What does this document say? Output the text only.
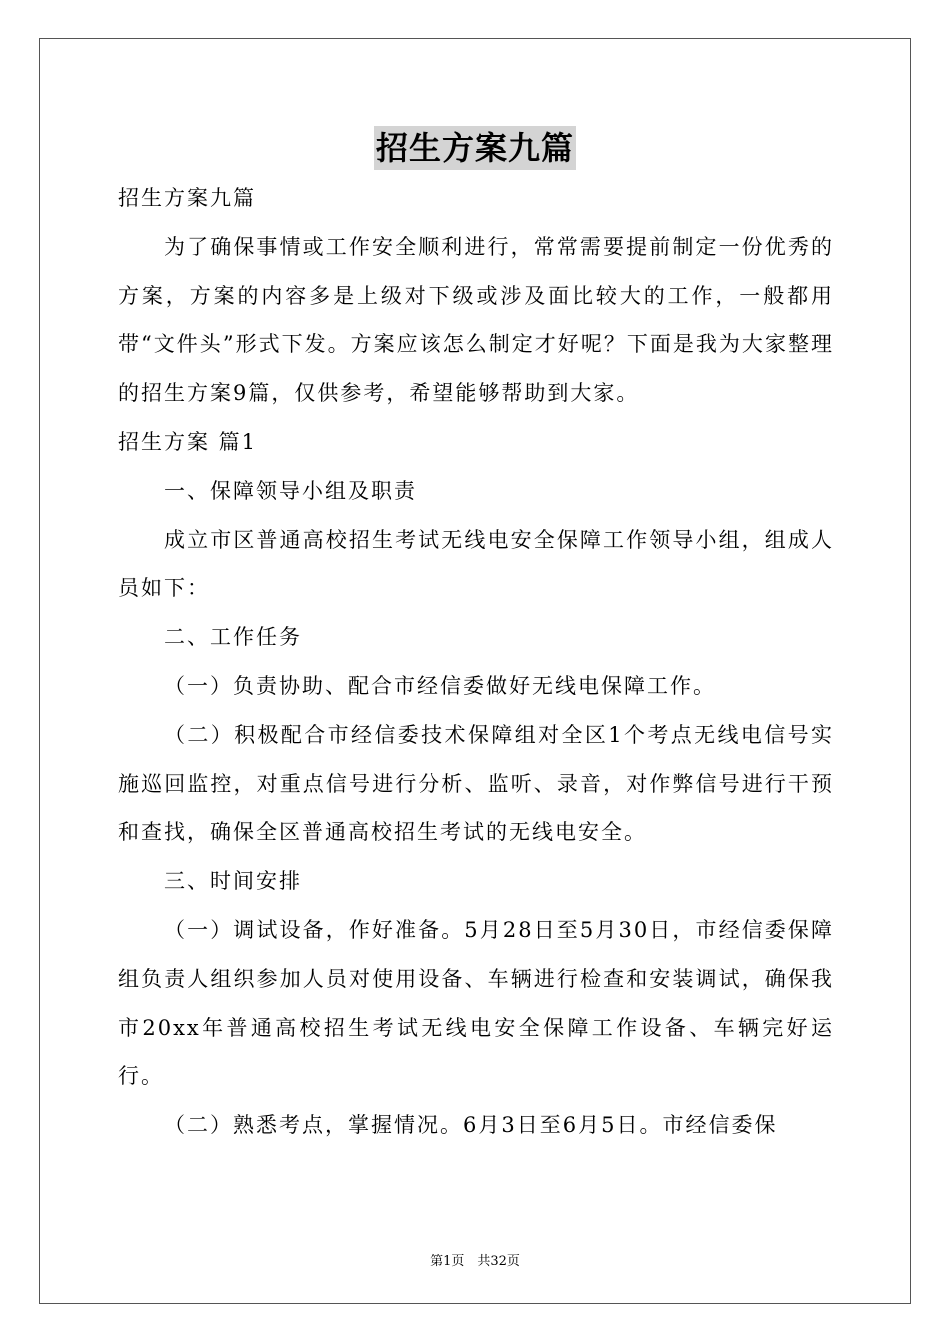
招生方案九篇

招生方案九篇

为了确保事情或工作安全顺利进行，常常需要提前制定一份优秀的方案，方案的内容多是上级对下级或涉及面比较大的工作，一般都用带“文件头”形式下发。方案应该怎么制定才好呢？下面是我为大家整理的招生方案9篇，仅供参考，希望能够帮助到大家。

招生方案 篇1

一、保障领导小组及职责

成立市区普通高校招生考试无线电安全保障工作领导小组，组成人员如下：

二、工作任务

（一）负责协助、配合市经信委做好无线电保障工作。

（二）积极配合市经信委技术保障组对全区1个考点无线电信号实施巡回监控，对重点信号进行分析、监听、录音，对作弊信号进行干预和查找，确保全区普通高校招生考试的无线电安全。

三、时间安排

（一）调试设备，作好准备。5月28日至5月30日，市经信委保障组负责人组织参加人员对使用设备、车辆进行检查和安装调试，确保我市20xx年普通高校招生考试无线电安全保障工作设备、车辆完好运行。

（二）熟悉考点，掌握情况。6月3日至6月5日。市经信委保

第1页　共32页
